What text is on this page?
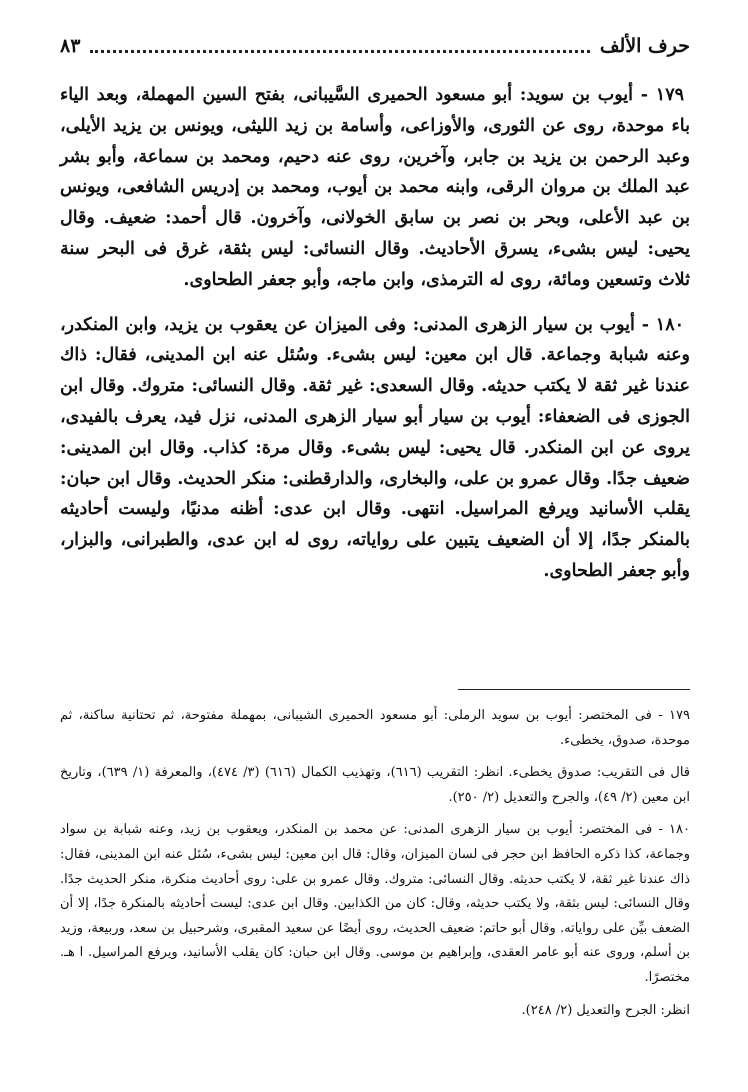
حرف الألف
٨٣

١٧٩ - أيوب بن سويد: أبو مسعود الحميرى السَّيبانى، بفتح السين المهملة، وبعد الياء باء موحدة، روى عن الثورى، والأوزاعى، وأسامة بن زيد الليثى، ويونس بن يزيد الأيلى، وعبد الرحمن بن يزيد بن جابر، وآخرين، روى عنه دحيم، ومحمد بن سماعة، وأبو بشر عبد الملك بن مروان الرقى، وابنه محمد بن أيوب، ومحمد بن إدريس الشافعى، ويونس بن عبد الأعلى، وبحر بن نصر بن سابق الخولانى، وآخرون. قال أحمد: ضعيف. وقال يحيى: ليس بشىء، يسرق الأحاديث. وقال النسائى: ليس بثقة، غرق فى البحر سنة ثلاث وتسعين ومائة، روى له الترمذى، وابن ماجه، وأبو جعفر الطحاوى.

١٨٠ - أيوب بن سيار الزهرى المدنى: وفى الميزان عن يعقوب بن يزيد، وابن المنكدر، وعنه شبابة وجماعة. قال ابن معين: ليس بشىء. وسُئل عنه ابن المدينى، فقال: ذاك عندنا غير ثقة لا يكتب حديثه. وقال السعدى: غير ثقة. وقال النسائى: متروك. وقال ابن الجوزى فى الضعفاء: أيوب بن سيار أبو سيار الزهرى المدنى، نزل فيد، يعرف بالفيدى، يروى عن ابن المنكدر. قال يحيى: ليس بشىء. وقال مرة: كذاب. وقال ابن المدينى: ضعيف جدًا. وقال عمرو بن على، والبخارى، والدارقطنى: منكر الحديث. وقال ابن حبان: يقلب الأسانيد ويرفع المراسيل. انتهى. وقال ابن عدى: أظنه مدنيًا، وليست أحاديثه بالمنكر جدًا، إلا أن الضعيف يتبين على رواياته، روى له ابن عدى، والطبرانى، والبزار، وأبو جعفر الطحاوى.

١٧٩ - فى المختصر: أيوب بن سويد الرملى: أبو مسعود الحميرى الشيبانى، بمهملة مفتوحة، ثم تحتانية ساكنة، ثم موحدة، صدوق، يخطىء.

قال فى التقريب: صدوق يخطىء. انظر: التقريب (٦١٦)، وتهذيب الكمال (٦١٦) (٣/ ٤٧٤)، والمعرفة (١/ ٦٣٩)، وتاريخ ابن معين (٢/ ٤٩)، والجرح والتعديل (٢/ ٢٥٠).

١٨٠ - فى المختصر: أيوب بن سيار الزهرى المدنى: عن محمد بن المنكدر، ويعقوب بن زيد، وعنه شبابة بن سواد وجماعة، كذا ذكره الحافظ ابن حجر فى لسان الميزان، وقال: قال ابن معين: ليس بشىء، سُئل عنه ابن المدينى، فقال: ذاك عندنا غير ثقة، لا يكتب حديثه. وقال النسائى: متروك. وقال عمرو بن على: روى أحاديث منكرة، منكر الحديث جدًا. وقال النسائى: ليس بثقة، ولا يكتب حديثه، وقال: كان من الكذابين. وقال ابن عدى: ليست أحاديثه بالمنكرة جدًا، إلا أن الضعف بيِّن على رواياته. وقال أبو حاتم: ضعيف الحديث، روى أيضًا عن سعيد المقبرى، وشرحبيل بن سعد، وربيعة، وزيد بن أسلم، وروى عنه أبو عامر العقدى، وإبراهيم بن موسى. وقال ابن حبان: كان يقلب الأسانيد، ويرفع المراسيل. ا هـ. مختصرًا.

انظر: الجرح والتعديل (٢/ ٢٤٨).
